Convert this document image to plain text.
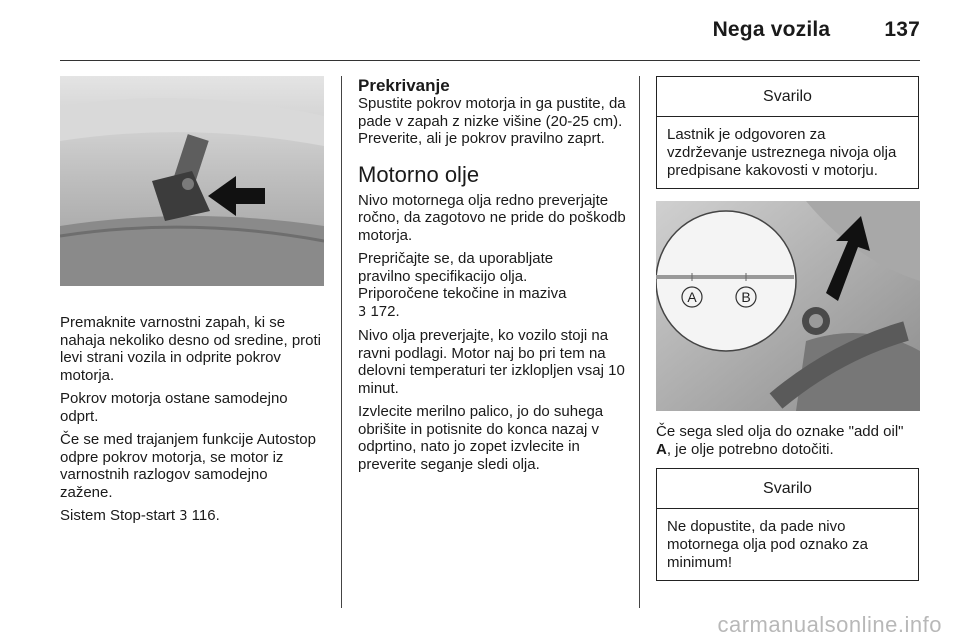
Nega vozila	137

Premaknite varnostni zapah, ki se nahaja nekoliko desno od sredine, proti levi strani vozila in odprite pokrov motorja.

Pokrov motorja ostane samodejno odprt.

Če se med trajanjem funkcije Autostop odpre pokrov motorja, se motor iz varnostnih razlogov samodejno zažene.

Sistem Stop-start 3 116.

Prekrivanje

Spustite pokrov motorja in ga pustite, da pade v zapah z nizke višine (20-25 cm). Preverite, ali je pokrov pravilno zaprt.

Motorno olje

Nivo motornega olja redno preverjajte ročno, da zagotovo ne pride do poškodb motorja.

Prepričajte se, da uporabljate
pravilno specifikacijo olja.
Priporočene tekočine in maziva
3 172.

Nivo olja preverjajte, ko vozilo stoji na ravni podlagi. Motor naj bo pri tem na delovni temperaturi ter izklopljen vsaj 10 minut.

Izvlecite merilno palico, jo do suhega obrišite in potisnite do konca nazaj v odprtino, nato jo zopet izvlecite in preverite seganje sledi olja.

Svarilo
Lastnik je odgovoren za vzdrževanje ustreznega nivoja olja predpisane kakovosti v motorju.
A	B

Če sega sled olja do oznake "add oil"
A, je olje potrebno dotočiti.

Svarilo
Ne dopustite, da pade nivo motornega olja pod oznako za minimum!
carmanualsonline.info
